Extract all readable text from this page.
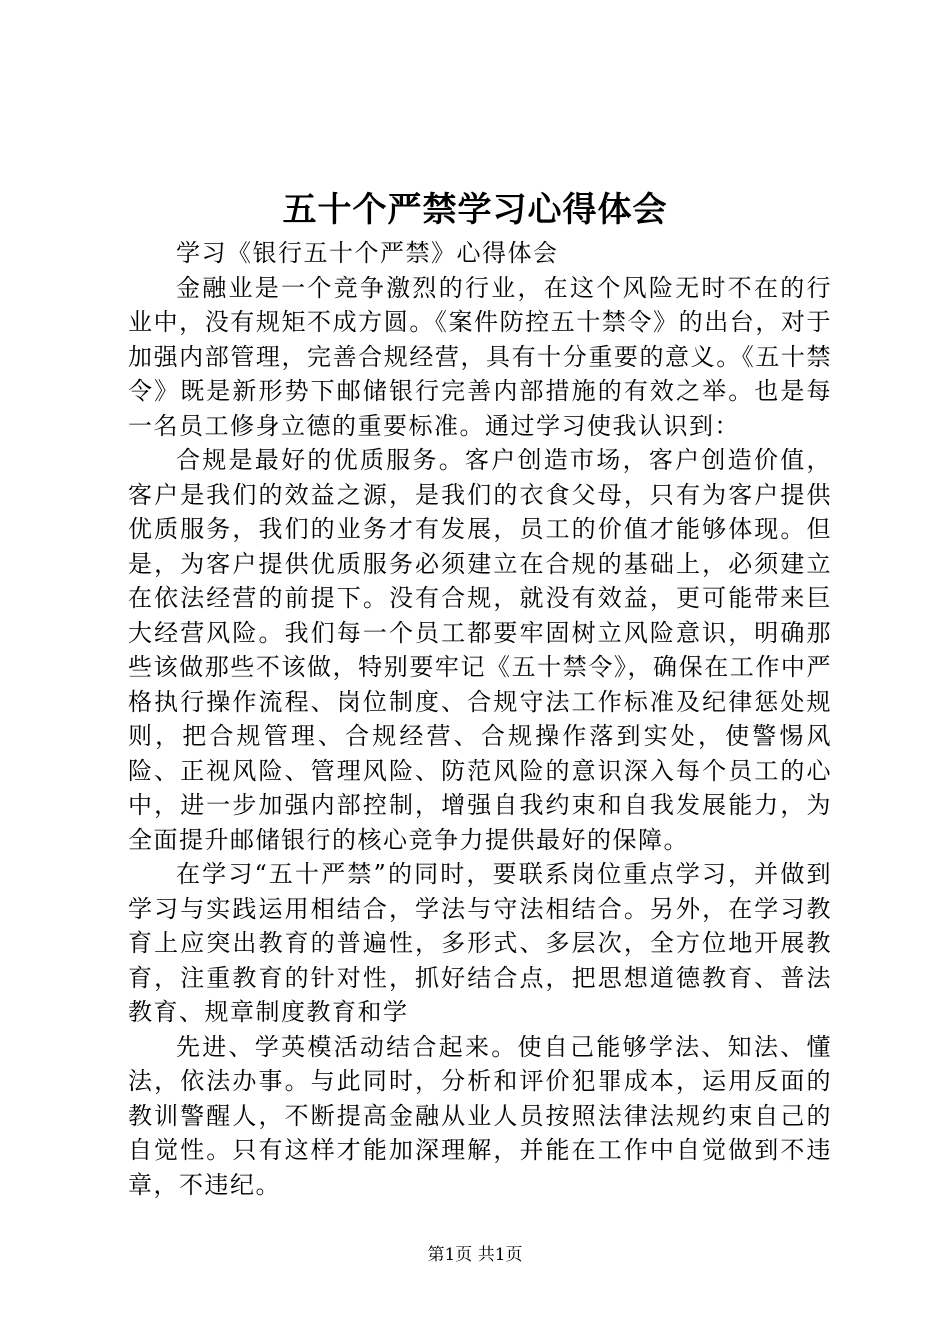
五十个严禁学习心得体会

学习《银行五十个严禁》心得体会

金融业是一个竞争激烈的行业，在这个风险无时不在的行业中，没有规矩不成方圆。《案件防控五十禁令》的出台，对于加强内部管理，完善合规经营，具有十分重要的意义。《五十禁令》既是新形势下邮储银行完善内部措施的有效之举。也是每一名员工修身立德的重要标准。通过学习使我认识到：

合规是最好的优质服务。客户创造市场，客户创造价值，客户是我们的效益之源，是我们的衣食父母，只有为客户提供优质服务，我们的业务才有发展，员工的价值才能够体现。但是，为客户提供优质服务必须建立在合规的基础上，必须建立在依法经营的前提下。没有合规，就没有效益，更可能带来巨大经营风险。我们每一个员工都要牢固树立风险意识，明确那些该做那些不该做，特别要牢记《五十禁令》，确保在工作中严格执行操作流程、岗位制度、合规守法工作标准及纪律惩处规则，把合规管理、合规经营、合规操作落到实处，使警惕风险、正视风险、管理风险、防范风险的意识深入每个员工的心中，进一步加强内部控制，增强自我约束和自我发展能力，为全面提升邮储银行的核心竞争力提供最好的保障。

在学习“五十严禁”的同时，要联系岗位重点学习，并做到学习与实践运用相结合，学法与守法相结合。另外，在学习教育上应突出教育的普遍性，多形式、多层次，全方位地开展教育，注重教育的针对性，抓好结合点，把思想道德教育、普法教育、规章制度教育和学

先进、学英模活动结合起来。使自己能够学法、知法、懂法，依法办事。与此同时，分析和评价犯罪成本，运用反面的教训警醒人，不断提高金融从业人员按照法律法规约束自己的自觉性。只有这样才能加深理解，并能在工作中自觉做到不违章，不违纪。

第1页 共1页
